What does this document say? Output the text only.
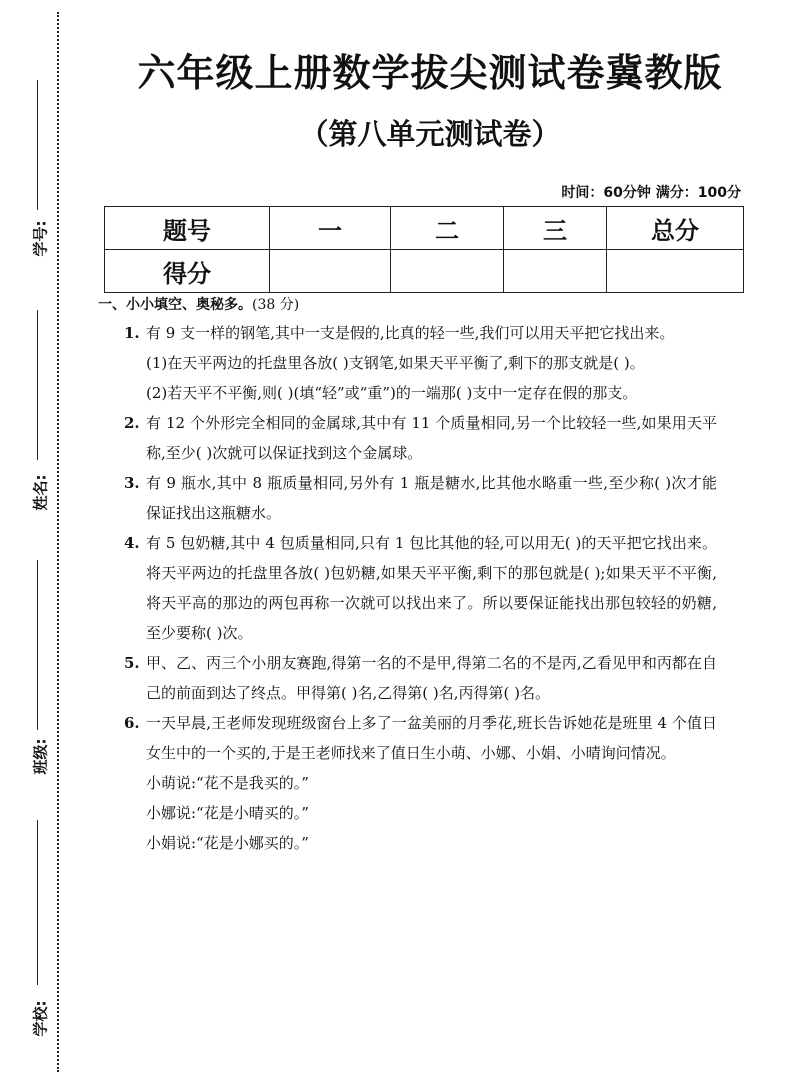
学号:
姓名:
班级:
学校:
六年级上册数学拔尖测试卷冀教版
（第八单元测试卷）
时间：60分钟 满分：100分
题号	一	二	三	总分
得分				
一、小小填空、奥秘多。(38 分)
1. 有 9 支一样的钢笔,其中一支是假的,比真的轻一些,我们可以用天平把它找出来。
(1)在天平两边的托盘里各放( )支钢笔,如果天平平衡了,剩下的那支就是( )。
(2)若天平不平衡,则( )(填“轻”或“重”)的一端那( )支中一定存在假的那支。
2. 有 12 个外形完全相同的金属球,其中有 11 个质量相同,另一个比较轻一些,如果用天平称,至少( )次就可以保证找到这个金属球。
3. 有 9 瓶水,其中 8 瓶质量相同,另外有 1 瓶是糖水,比其他水略重一些,至少称( )次才能保证找出这瓶糖水。
4. 有 5 包奶糖,其中 4 包质量相同,只有 1 包比其他的轻,可以用无( )的天平把它找出来。将天平两边的托盘里各放( )包奶糖,如果天平平衡,剩下的那包就是( );如果天平不平衡,将天平高的那边的两包再称一次就可以找出来了。所以要保证能找出那包较轻的奶糖,至少要称( )次。
5. 甲、乙、丙三个小朋友赛跑,得第一名的不是甲,得第二名的不是丙,乙看见甲和丙都在自己的前面到达了终点。甲得第( )名,乙得第( )名,丙得第( )名。
6. 一天早晨,王老师发现班级窗台上多了一盆美丽的月季花,班长告诉她花是班里 4 个值日女生中的一个买的,于是王老师找来了值日生小萌、小娜、小娟、小晴询问情况。
小萌说:“花不是我买的。”
小娜说:“花是小晴买的。”
小娟说:“花是小娜买的。”
